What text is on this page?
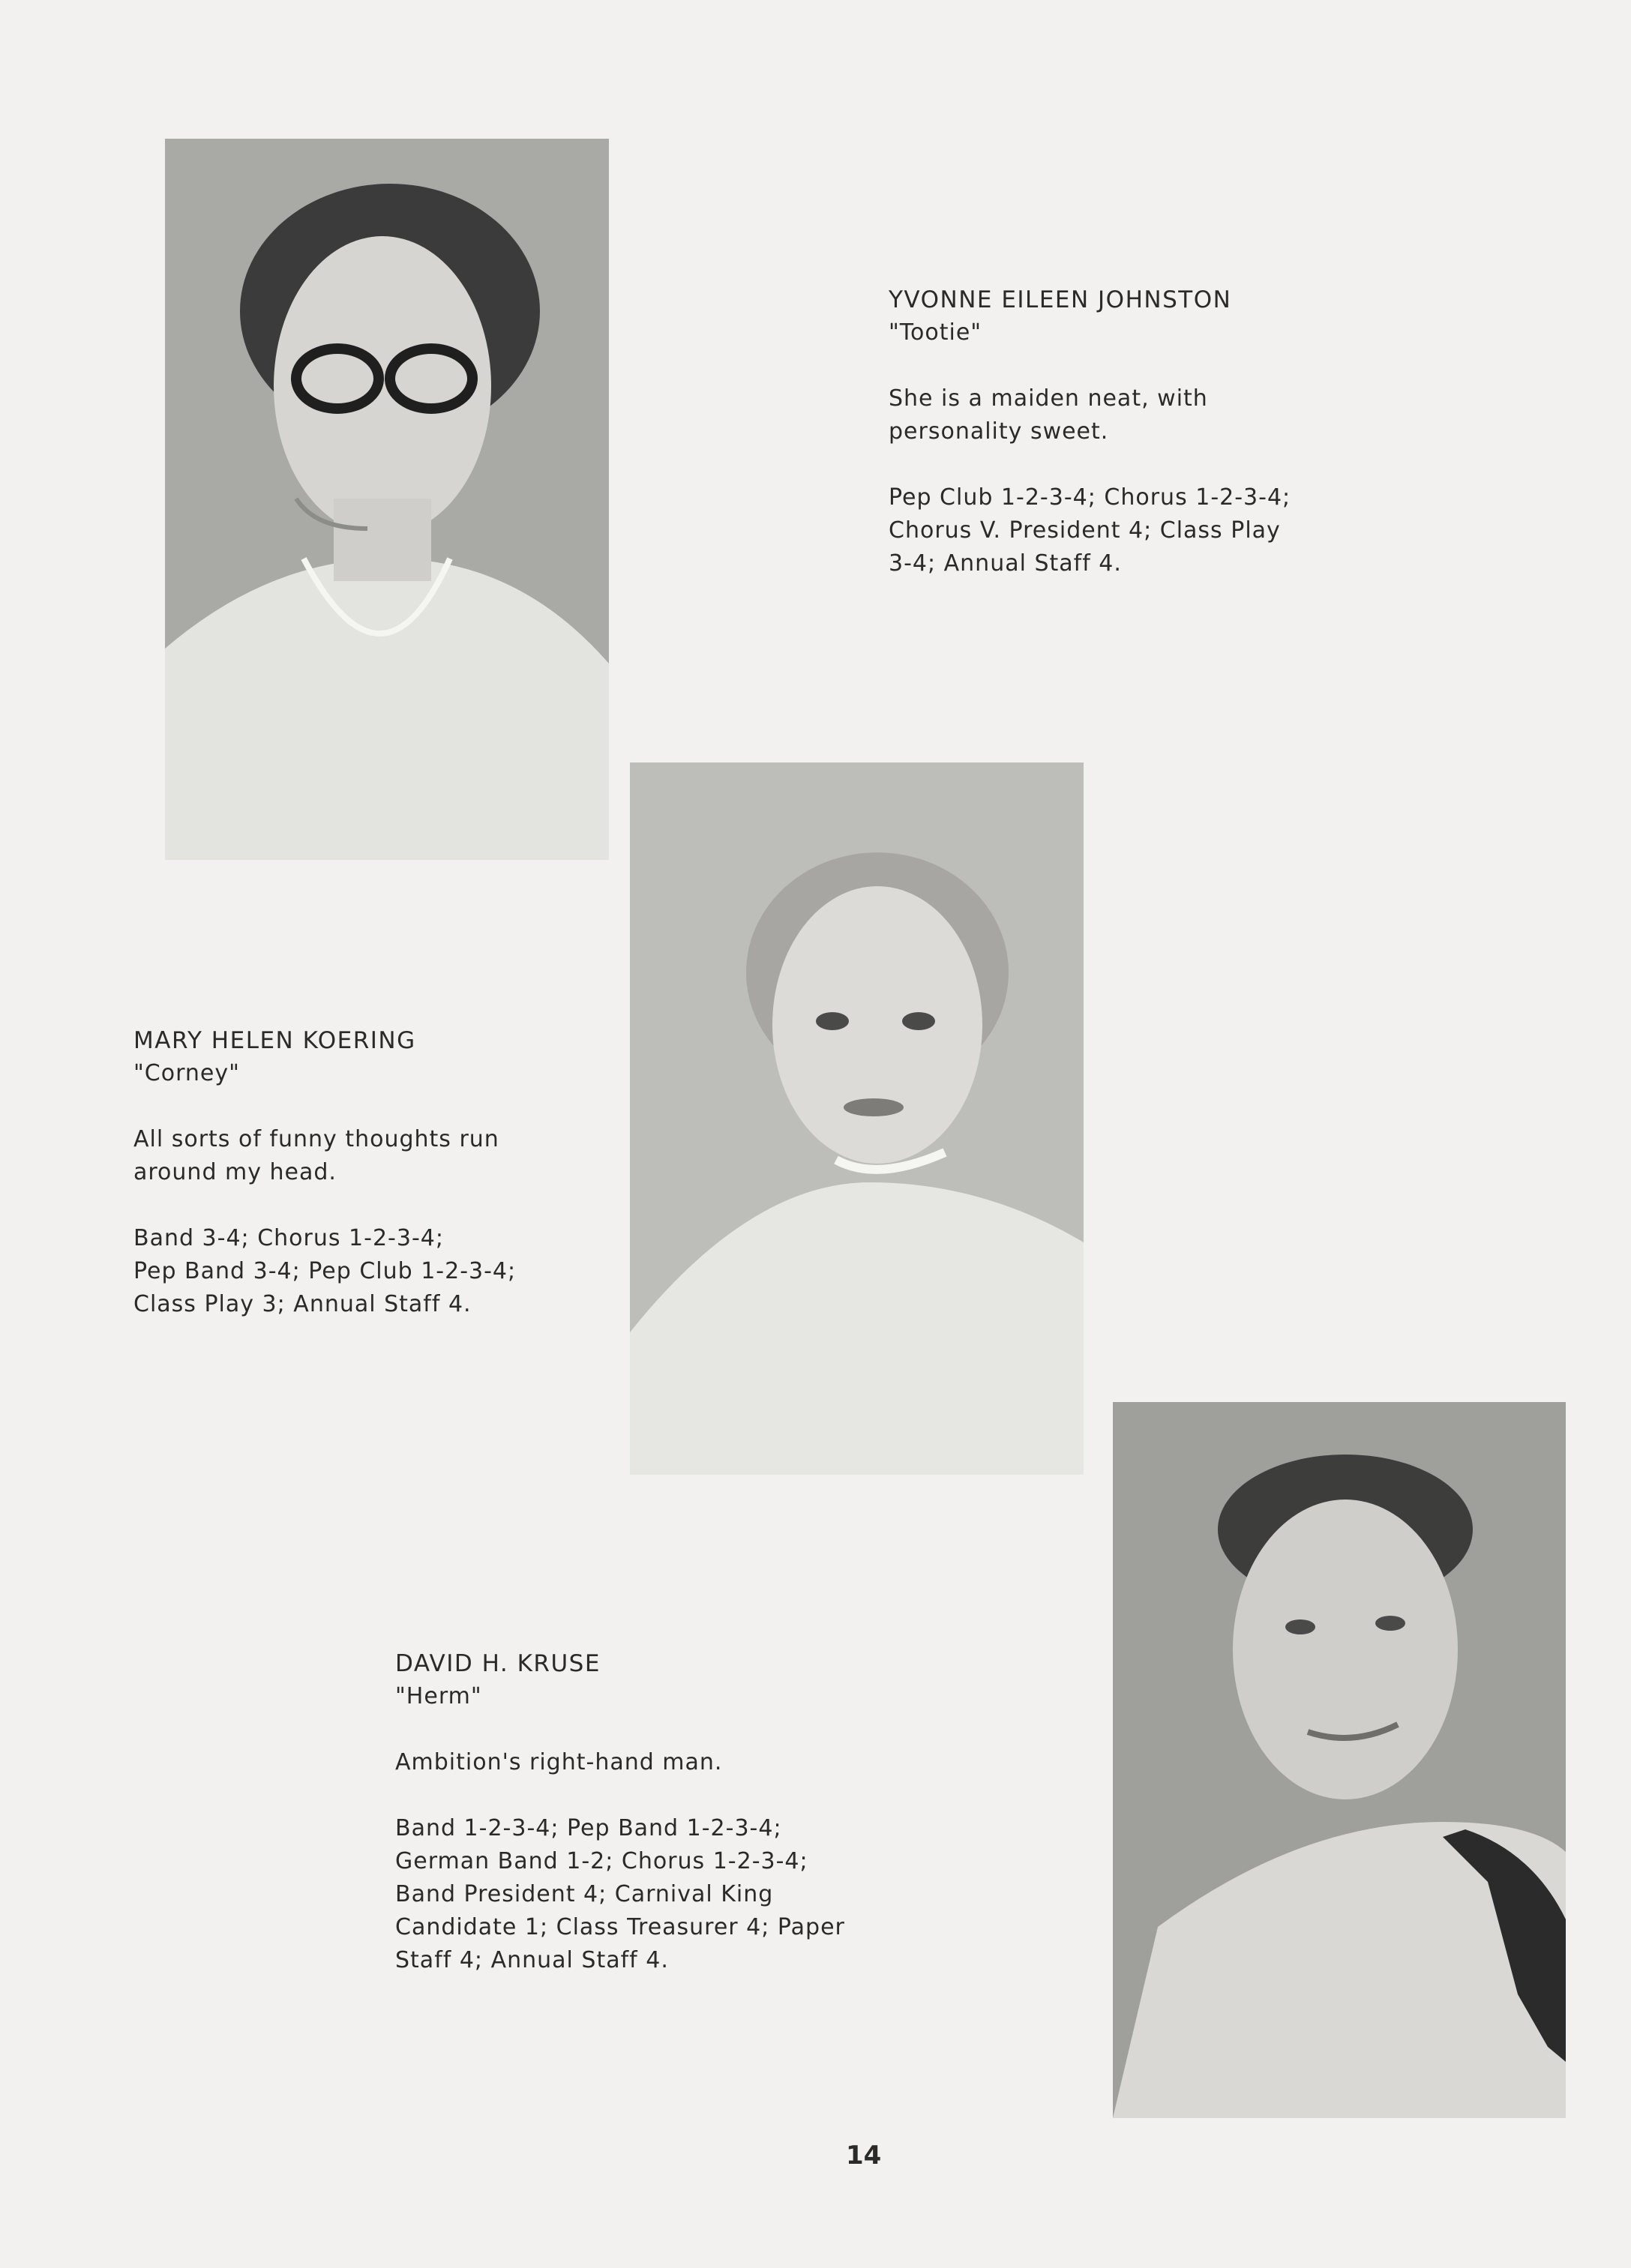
YVONNE EILEEN JOHNSTON
"Tootie"
She is a maiden neat, with
personality sweet.
Pep Club 1-2-3-4; Chorus 1-2-3-4;
Chorus V. President 4; Class Play
3-4; Annual Staff 4.
MARY HELEN KOERING
"Corney"
All sorts of funny thoughts run
around my head.
Band 3-4; Chorus 1-2-3-4;
Pep Band 3-4; Pep Club 1-2-3-4;
Class Play 3; Annual Staff 4.
DAVID H. KRUSE
"Herm"
Ambition's right-hand man.
Band 1-2-3-4; Pep Band 1-2-3-4;
German Band 1-2; Chorus 1-2-3-4;
Band President 4; Carnival King
Candidate 1; Class Treasurer 4; Paper
Staff 4; Annual Staff 4.
14
